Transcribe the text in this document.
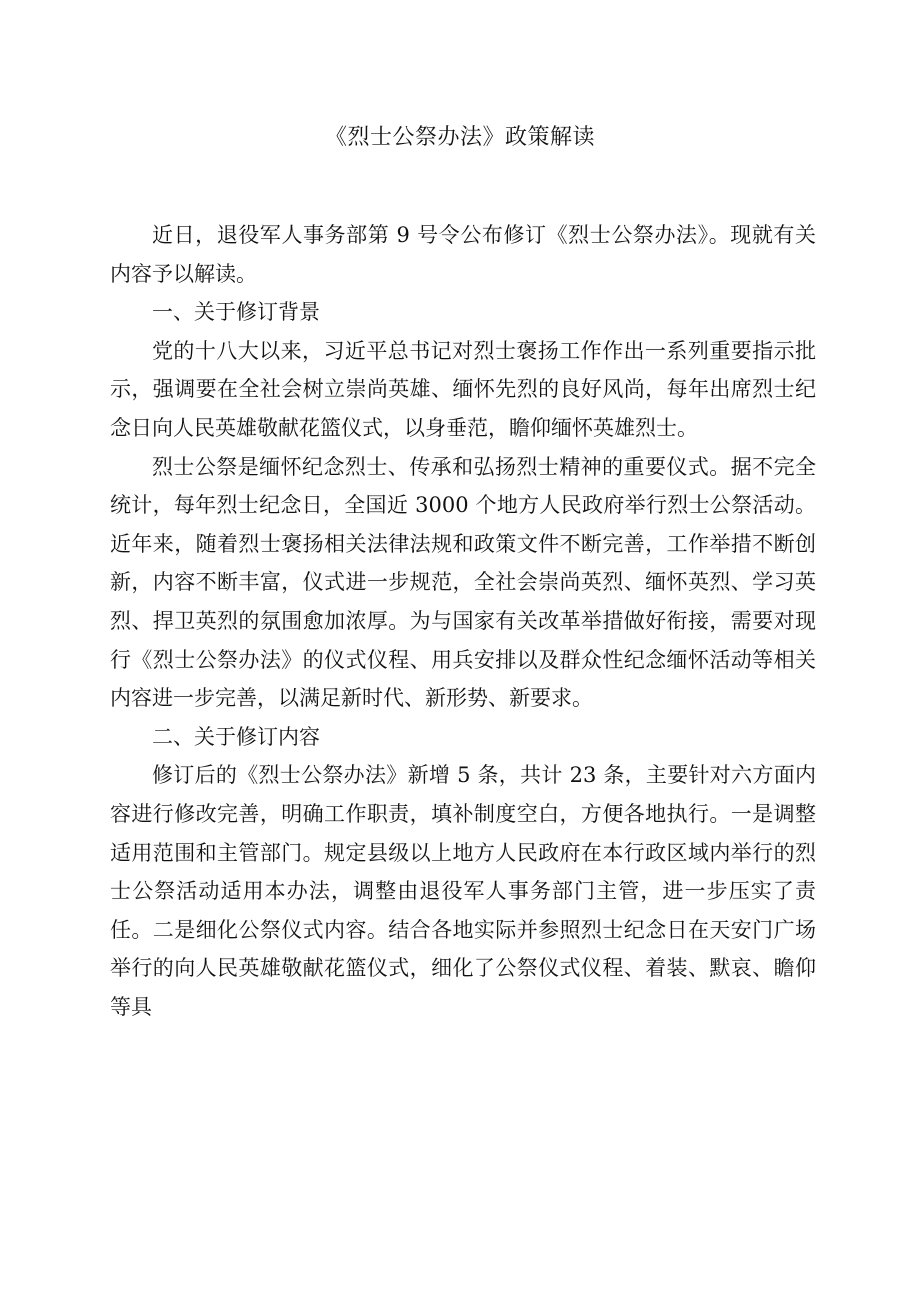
《烈士公祭办法》政策解读

近日，退役军人事务部第 9 号令公布修订《烈士公祭办法》。现就有关内容予以解读。

一、关于修订背景

党的十八大以来，习近平总书记对烈士褒扬工作作出一系列重要指示批示，强调要在全社会树立崇尚英雄、缅怀先烈的良好风尚，每年出席烈士纪念日向人民英雄敬献花篮仪式，以身垂范，瞻仰缅怀英雄烈士。

烈士公祭是缅怀纪念烈士、传承和弘扬烈士精神的重要仪式。据不完全统计，每年烈士纪念日，全国近 3000 个地方人民政府举行烈士公祭活动。近年来，随着烈士褒扬相关法律法规和政策文件不断完善，工作举措不断创新，内容不断丰富，仪式进一步规范，全社会崇尚英烈、缅怀英烈、学习英烈、捍卫英烈的氛围愈加浓厚。为与国家有关改革举措做好衔接，需要对现行《烈士公祭办法》的仪式仪程、用兵安排以及群众性纪念缅怀活动等相关内容进一步完善，以满足新时代、新形势、新要求。

二、关于修订内容

修订后的《烈士公祭办法》新增 5 条，共计 23 条，主要针对六方面内容进行修改完善，明确工作职责，填补制度空白，方便各地执行。一是调整适用范围和主管部门。规定县级以上地方人民政府在本行政区域内举行的烈士公祭活动适用本办法，调整由退役军人事务部门主管，进一步压实了责任。二是细化公祭仪式内容。结合各地实际并参照烈士纪念日在天安门广场举行的向人民英雄敬献花篮仪式，细化了公祭仪式仪程、着装、默哀、瞻仰等具
